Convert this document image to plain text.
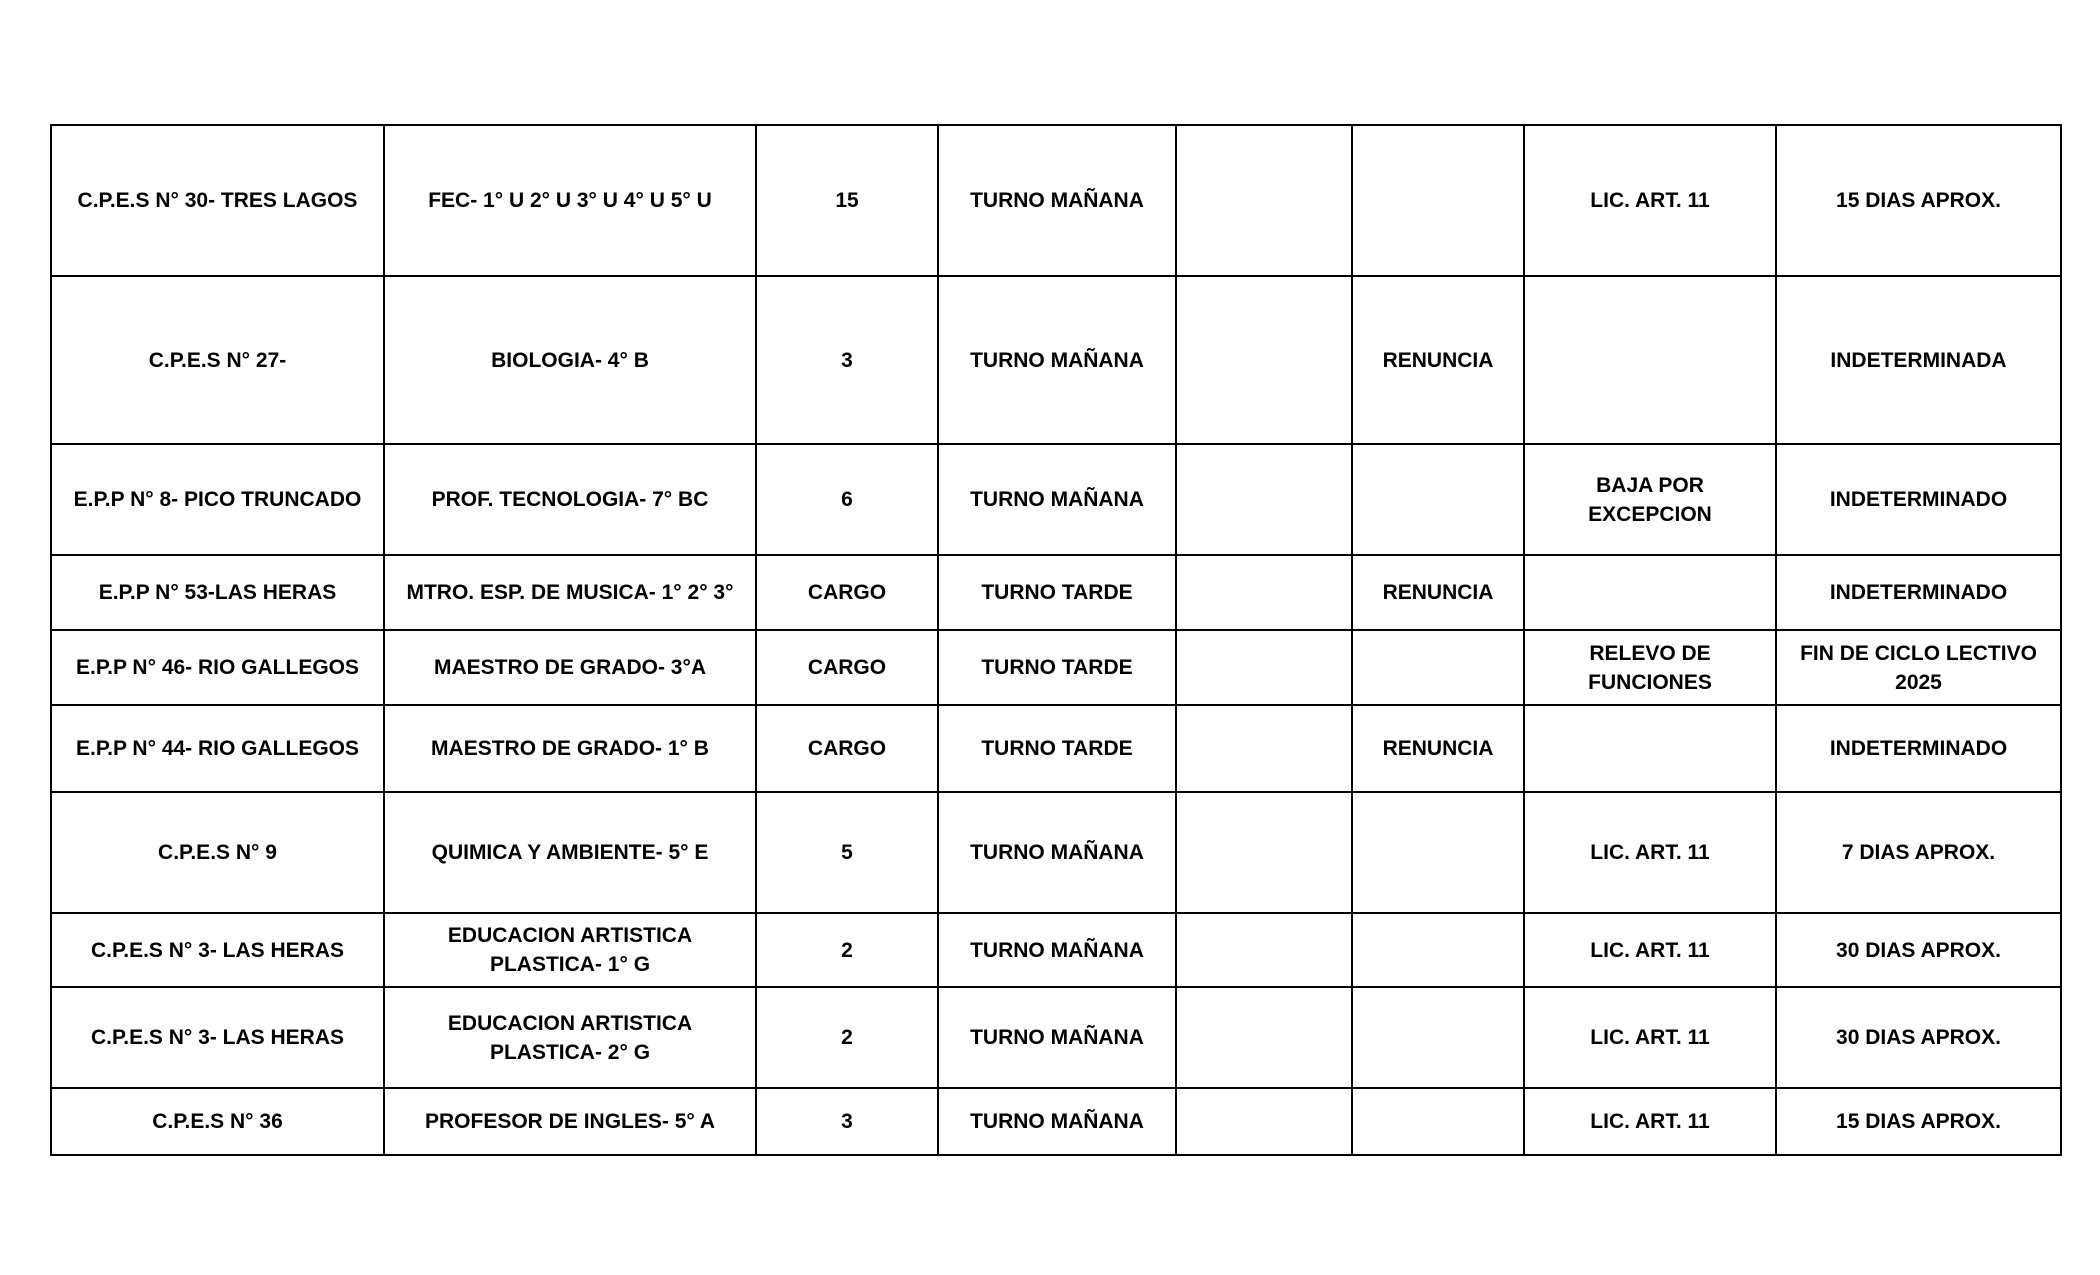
C.P.E.S N° 30- TRES LAGOS	FEC- 1° U 2° U 3° U 4° U 5° U	15	TURNO MAÑANA			LIC. ART. 11	15 DIAS APROX.
C.P.E.S N° 27-	BIOLOGIA- 4° B	3	TURNO MAÑANA		RENUNCIA		INDETERMINADA
E.P.P N° 8- PICO TRUNCADO	PROF. TECNOLOGIA- 7° BC	6	TURNO MAÑANA			BAJA POR EXCEPCION	INDETERMINADO
E.P.P N° 53-LAS HERAS	MTRO. ESP. DE MUSICA- 1° 2° 3°	CARGO	TURNO TARDE		RENUNCIA		INDETERMINADO
E.P.P N° 46- RIO GALLEGOS	MAESTRO DE GRADO- 3°A	CARGO	TURNO TARDE			RELEVO DE FUNCIONES	FIN DE CICLO LECTIVO 2025
E.P.P N° 44- RIO GALLEGOS	MAESTRO DE GRADO- 1° B	CARGO	TURNO TARDE		RENUNCIA		INDETERMINADO
C.P.E.S N° 9	QUIMICA Y AMBIENTE- 5° E	5	TURNO MAÑANA			LIC. ART. 11	7 DIAS APROX.
C.P.E.S N° 3- LAS HERAS	EDUCACION ARTISTICA PLASTICA- 1° G	2	TURNO MAÑANA			LIC. ART. 11	30 DIAS APROX.
C.P.E.S N° 3- LAS HERAS	EDUCACION ARTISTICA PLASTICA- 2° G	2	TURNO MAÑANA			LIC. ART. 11	30 DIAS APROX.
C.P.E.S N° 36	PROFESOR DE INGLES- 5° A	3	TURNO MAÑANA			LIC. ART. 11	15 DIAS APROX.
